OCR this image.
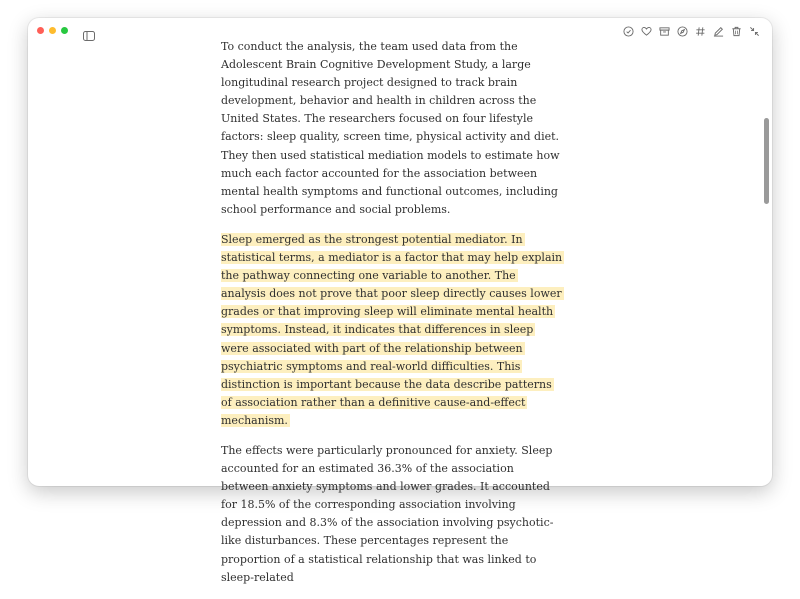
To conduct the analysis, the team used data from the Adolescent Brain Cognitive Development Study, a large longitudinal research project designed to track brain development, behavior and health in children across the United States. The researchers focused on four lifestyle factors: sleep quality, screen time, physical activity and diet. They then used statistical mediation models to estimate how much each factor accounted for the association between mental health symptoms and functional outcomes, including school performance and social problems.

Sleep emerged as the strongest potential mediator. In statistical terms, a mediator is a factor that may help explain the pathway connecting one variable to another. The analysis does not prove that poor sleep directly causes lower grades or that improving sleep will eliminate mental health symptoms. Instead, it indicates that differences in sleep were associated with part of the relationship between psychiatric symptoms and real-world difficulties. This distinction is important because the data describe patterns of association rather than a definitive cause-and-effect mechanism.

The effects were particularly pronounced for anxiety. Sleep accounted for an estimated 36.3% of the association between anxiety symptoms and lower grades. It accounted for 18.5% of the corresponding association involving depression and 8.3% of the association involving psychotic-like disturbances. These percentages represent the proportion of a statistical relationship that was linked to sleep-related
